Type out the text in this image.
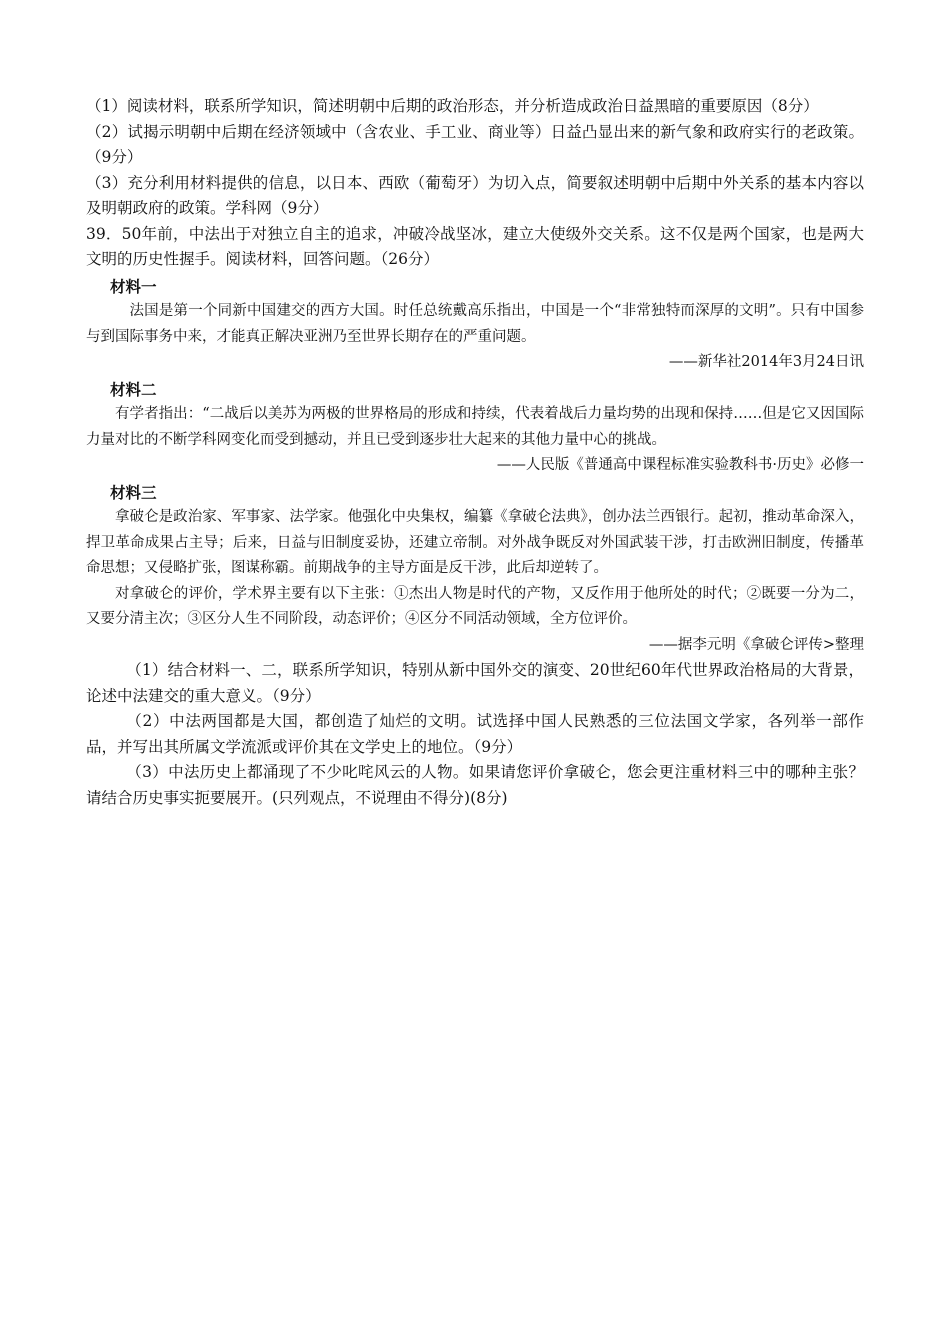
（1）阅读材料，联系所学知识，简述明朝中后期的政治形态，并分析造成政治日益黑暗的重要原因（8分）

（2）试揭示明朝中后期在经济领域中（含农业、手工业、商业等）日益凸显出来的新气象和政府实行的老政策。（9分）

（3）充分利用材料提供的信息，以日本、西欧（葡萄牙）为切入点，简要叙述明朝中后期中外关系的基本内容以及明朝政府的政策。学科网（9分）

39．50年前，中法出于对独立自主的追求，冲破冷战坚冰，建立大使级外交关系。这不仅是两个国家，也是两大文明的历史性握手。阅读材料，回答问题。（26分）

材料一

法国是第一个同新中国建交的西方大国。时任总统戴高乐指出，中国是一个“非常独特而深厚的文明”。只有中国参与到国际事务中来，才能真正解决亚洲乃至世界长期存在的严重问题。

——新华社2014年3月24日讯

材料二

有学者指出：“二战后以美苏为两极的世界格局的形成和持续，代表着战后力量均势的出现和保持……但是它又因国际力量对比的不断学科网变化而受到撼动，并且已受到逐步壮大起来的其他力量中心的挑战。

——人民版《普通高中课程标准实验教科书·历史》必修一

材料三

拿破仑是政治家、军事家、法学家。他强化中央集权，编纂《拿破仑法典》，创办法兰西银行。起初，推动革命深入，捍卫革命成果占主导；后来，日益与旧制度妥协，还建立帝制。对外战争既反对外国武装干涉，打击欧洲旧制度，传播革命思想；又侵略扩张，图谋称霸。前期战争的主导方面是反干涉，此后却逆转了。

对拿破仑的评价，学术界主要有以下主张：①杰出人物是时代的产物，又反作用于他所处的时代；②既要一分为二，又要分清主次；③区分人生不同阶段，动态评价；④区分不同活动领域，全方位评价。

——据李元明《拿破仑评传>整理

（1）结合材料一、二，联系所学知识，特别从新中国外交的演变、20世纪60年代世界政治格局的大背景，论述中法建交的重大意义。（9分）

（2）中法两国都是大国，都创造了灿烂的文明。试选择中国人民熟悉的三位法国文学家，各列举一部作品，并写出其所属文学流派或评价其在文学史上的地位。（9分）

（3）中法历史上都涌现了不少叱咤风云的人物。如果请您评价拿破仑，您会更注重材料三中的哪种主张？请结合历史事实扼要展开。(只列观点，不说理由不得分)(8分)
